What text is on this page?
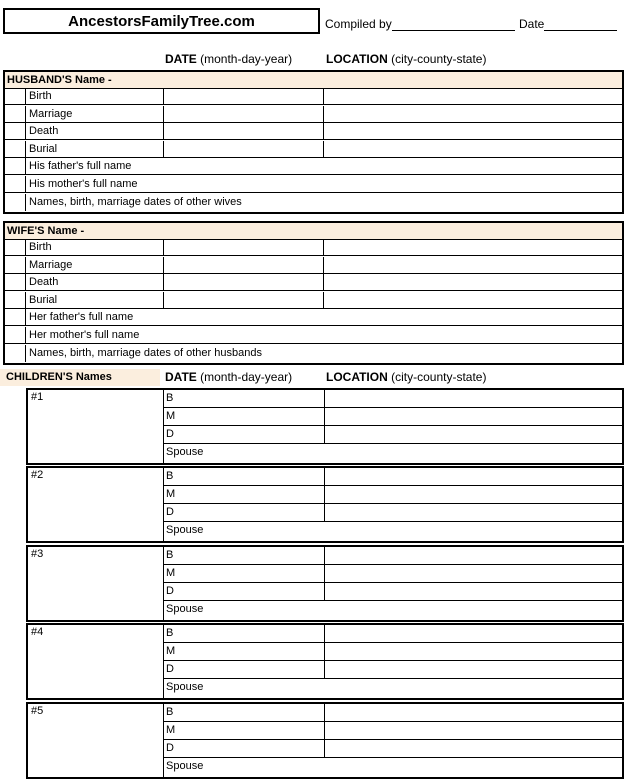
AncestorsFamilyTree.com	Compiled by	Date
DATE (month-day-year)	LOCATION (city-county-state)
HUSBAND'S Name -
Birth
Marriage
Death
Burial
His father's full name
His mother's full name
Names, birth, marriage dates of other wives
WIFE'S Name -
Birth
Marriage
Death
Burial
Her father's full name
Her mother's full name
Names, birth, marriage dates of other husbands
CHILDREN'S Names	DATE (month-day-year)	LOCATION (city-county-state)
#1	B
M
D
Spouse
#2	B
M
D
Spouse
#3	B
M
D
Spouse
#4	B
M
D
Spouse
#5	B
M
D
Spouse
